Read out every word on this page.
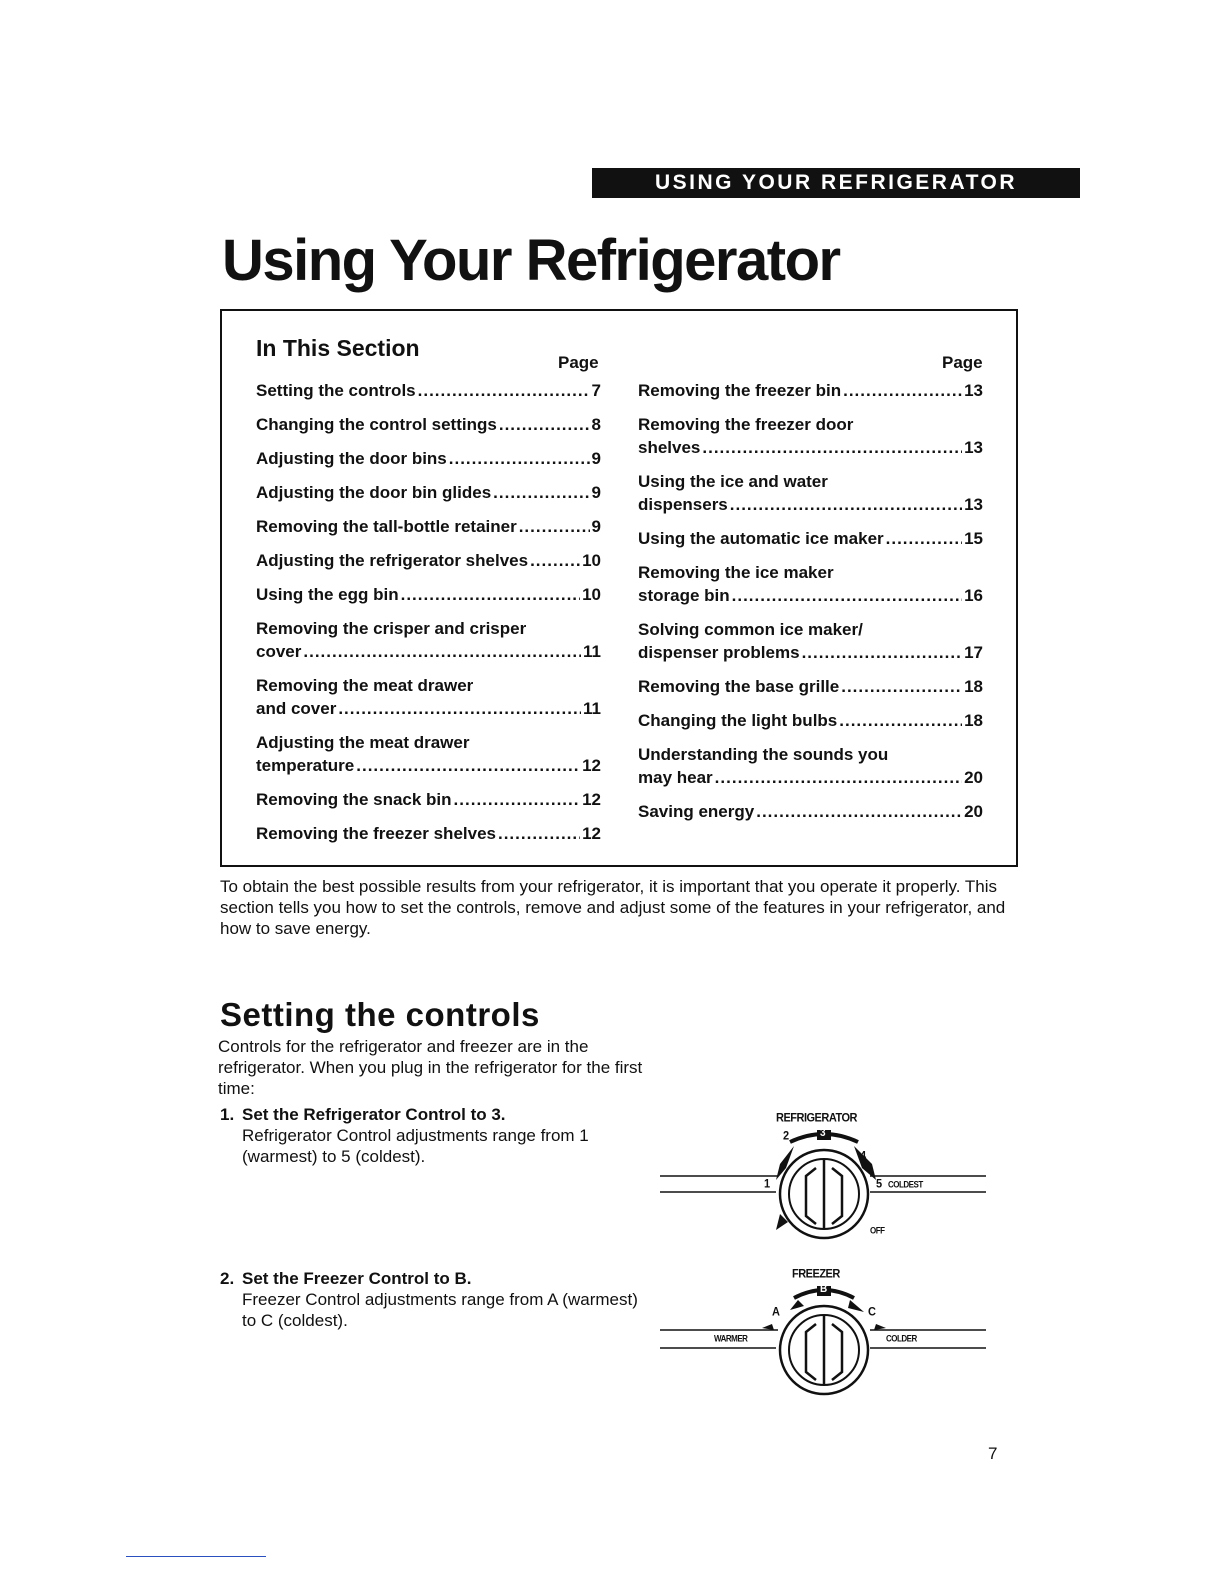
USING YOUR REFRIGERATOR
Using Your Refrigerator
In This Section
Page	Page
Setting the controls .....	7
Changing the control settings .....	8
Adjusting the door bins .....	9
Adjusting the door bin glides .....	9
Removing the tall-bottle retainer .....	9
Adjusting the refrigerator shelves .....	10
Using the egg bin .....	10
Removing the crisper and crisper
cover .....	11
Removing the meat drawer
and cover .....	11
Adjusting the meat drawer
temperature .....	12
Removing the snack bin .....	12
Removing the freezer shelves .....	12
Removing the freezer bin .....	13
Removing the freezer door
shelves .....	13
Using the ice and water
dispensers .....	13
Using the automatic ice maker .....	15
Removing the ice maker
storage bin .....	16
Solving common ice maker/
dispenser problems .....	17
Removing the base grille .....	18
Changing the light bulbs .....	18
Understanding the sounds you
may hear .....	20
Saving energy .....	20

To obtain the best possible results from your refrigerator, it is important that you operate it properly. This section tells you how to set the controls, remove and adjust some of the features in your refrigerator, and how to save energy.

Setting the controls

Controls for the refrigerator and freezer are in the refrigerator. When you plug in the refrigerator for the first time:

1. Set the Refrigerator Control to 3.
Refrigerator Control adjustments range from 1 (warmest) to 5 (coldest).
2. Set the Freezer Control to B.
Freezer Control adjustments range from A (warmest) to C (coldest).
REFRIGERATOR
2	3
4
1	5 COLDEST
OFF
FREEZER
A
B
C
WARMER	COLDER
7
